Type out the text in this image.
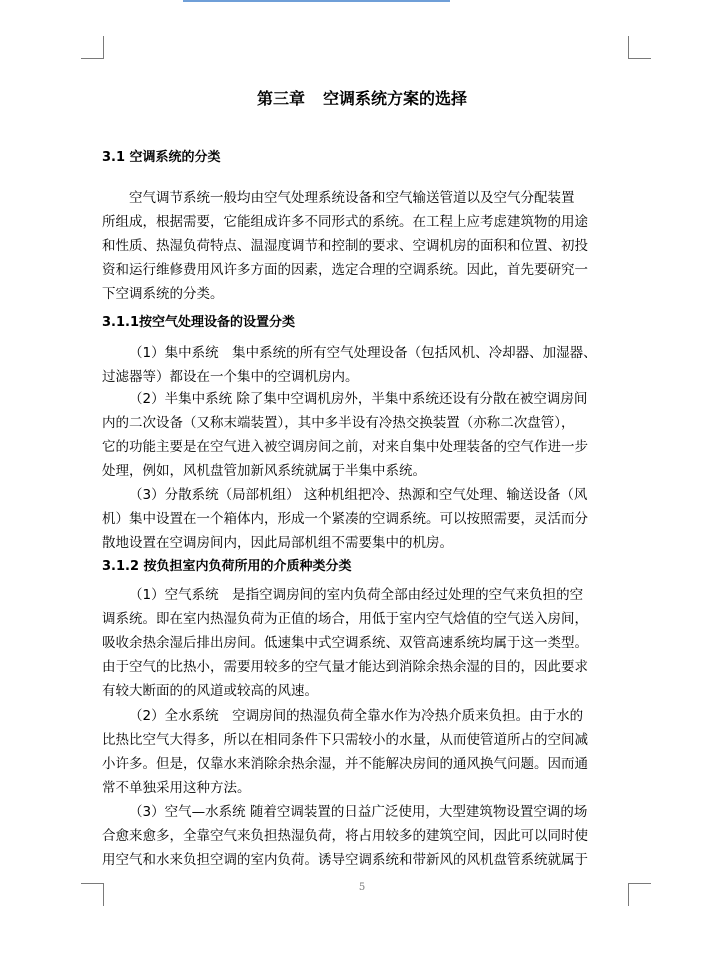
第三章 空调系统方案的选择
3.1 空调系统的分类

空气调节系统一般均由空气处理系统设备和空气输送管道以及空气分配装置
所组成，根据需要，它能组成许多不同形式的系统。在工程上应考虑建筑物的用途
和性质、热湿负荷特点、温湿度调节和控制的要求、空调机房的面积和位置、初投
资和运行维修费用风许多方面的因素，选定合理的空调系统。因此，首先要研究一
下空调系统的分类。

3.1.1按空气处理设备的设置分类

（1）集中系统　集中系统的所有空气处理设备（包括风机、冷却器、加湿器、
过滤器等）都设在一个集中的空调机房内。

（2）半集中系统 除了集中空调机房外，半集中系统还设有分散在被空调房间
内的二次设备（又称末端装置），其中多半设有冷热交换装置（亦称二次盘管），
它的功能主要是在空气进入被空调房间之前，对来自集中处理装备的空气作进一步
处理，例如，风机盘管加新风系统就属于半集中系统。

（3）分散系统（局部机组） 这种机组把冷、热源和空气处理、输送设备（风
机）集中设置在一个箱体内，形成一个紧凑的空调系统。可以按照需要，灵活而分
散地设置在空调房间内，因此局部机组不需要集中的机房。

3.1.2 按负担室内负荷所用的介质种类分类

（1）空气系统　是指空调房间的室内负荷全部由经过处理的空气来负担的空
调系统。即在室内热湿负荷为正值的场合，用低于室内空气焓值的空气送入房间，
吸收余热余湿后排出房间。低速集中式空调系统、双管高速系统均属于这一类型。
由于空气的比热小，需要用较多的空气量才能达到消除余热余湿的目的，因此要求
有较大断面的的风道或较高的风速。

（2）全水系统　空调房间的热湿负荷全靠水作为冷热介质来负担。由于水的
比热比空气大得多，所以在相同条件下只需较小的水量，从而使管道所占的空间减
小许多。但是，仅靠水来消除余热余湿，并不能解决房间的通风换气问题。因而通
常不单独采用这种方法。

（3）空气—水系统 随着空调装置的日益广泛使用，大型建筑物设置空调的场
合愈来愈多，全靠空气来负担热湿负荷，将占用较多的建筑空间，因此可以同时使
用空气和水来负担空调的室内负荷。诱导空调系统和带新风的风机盘管系统就属于

5
